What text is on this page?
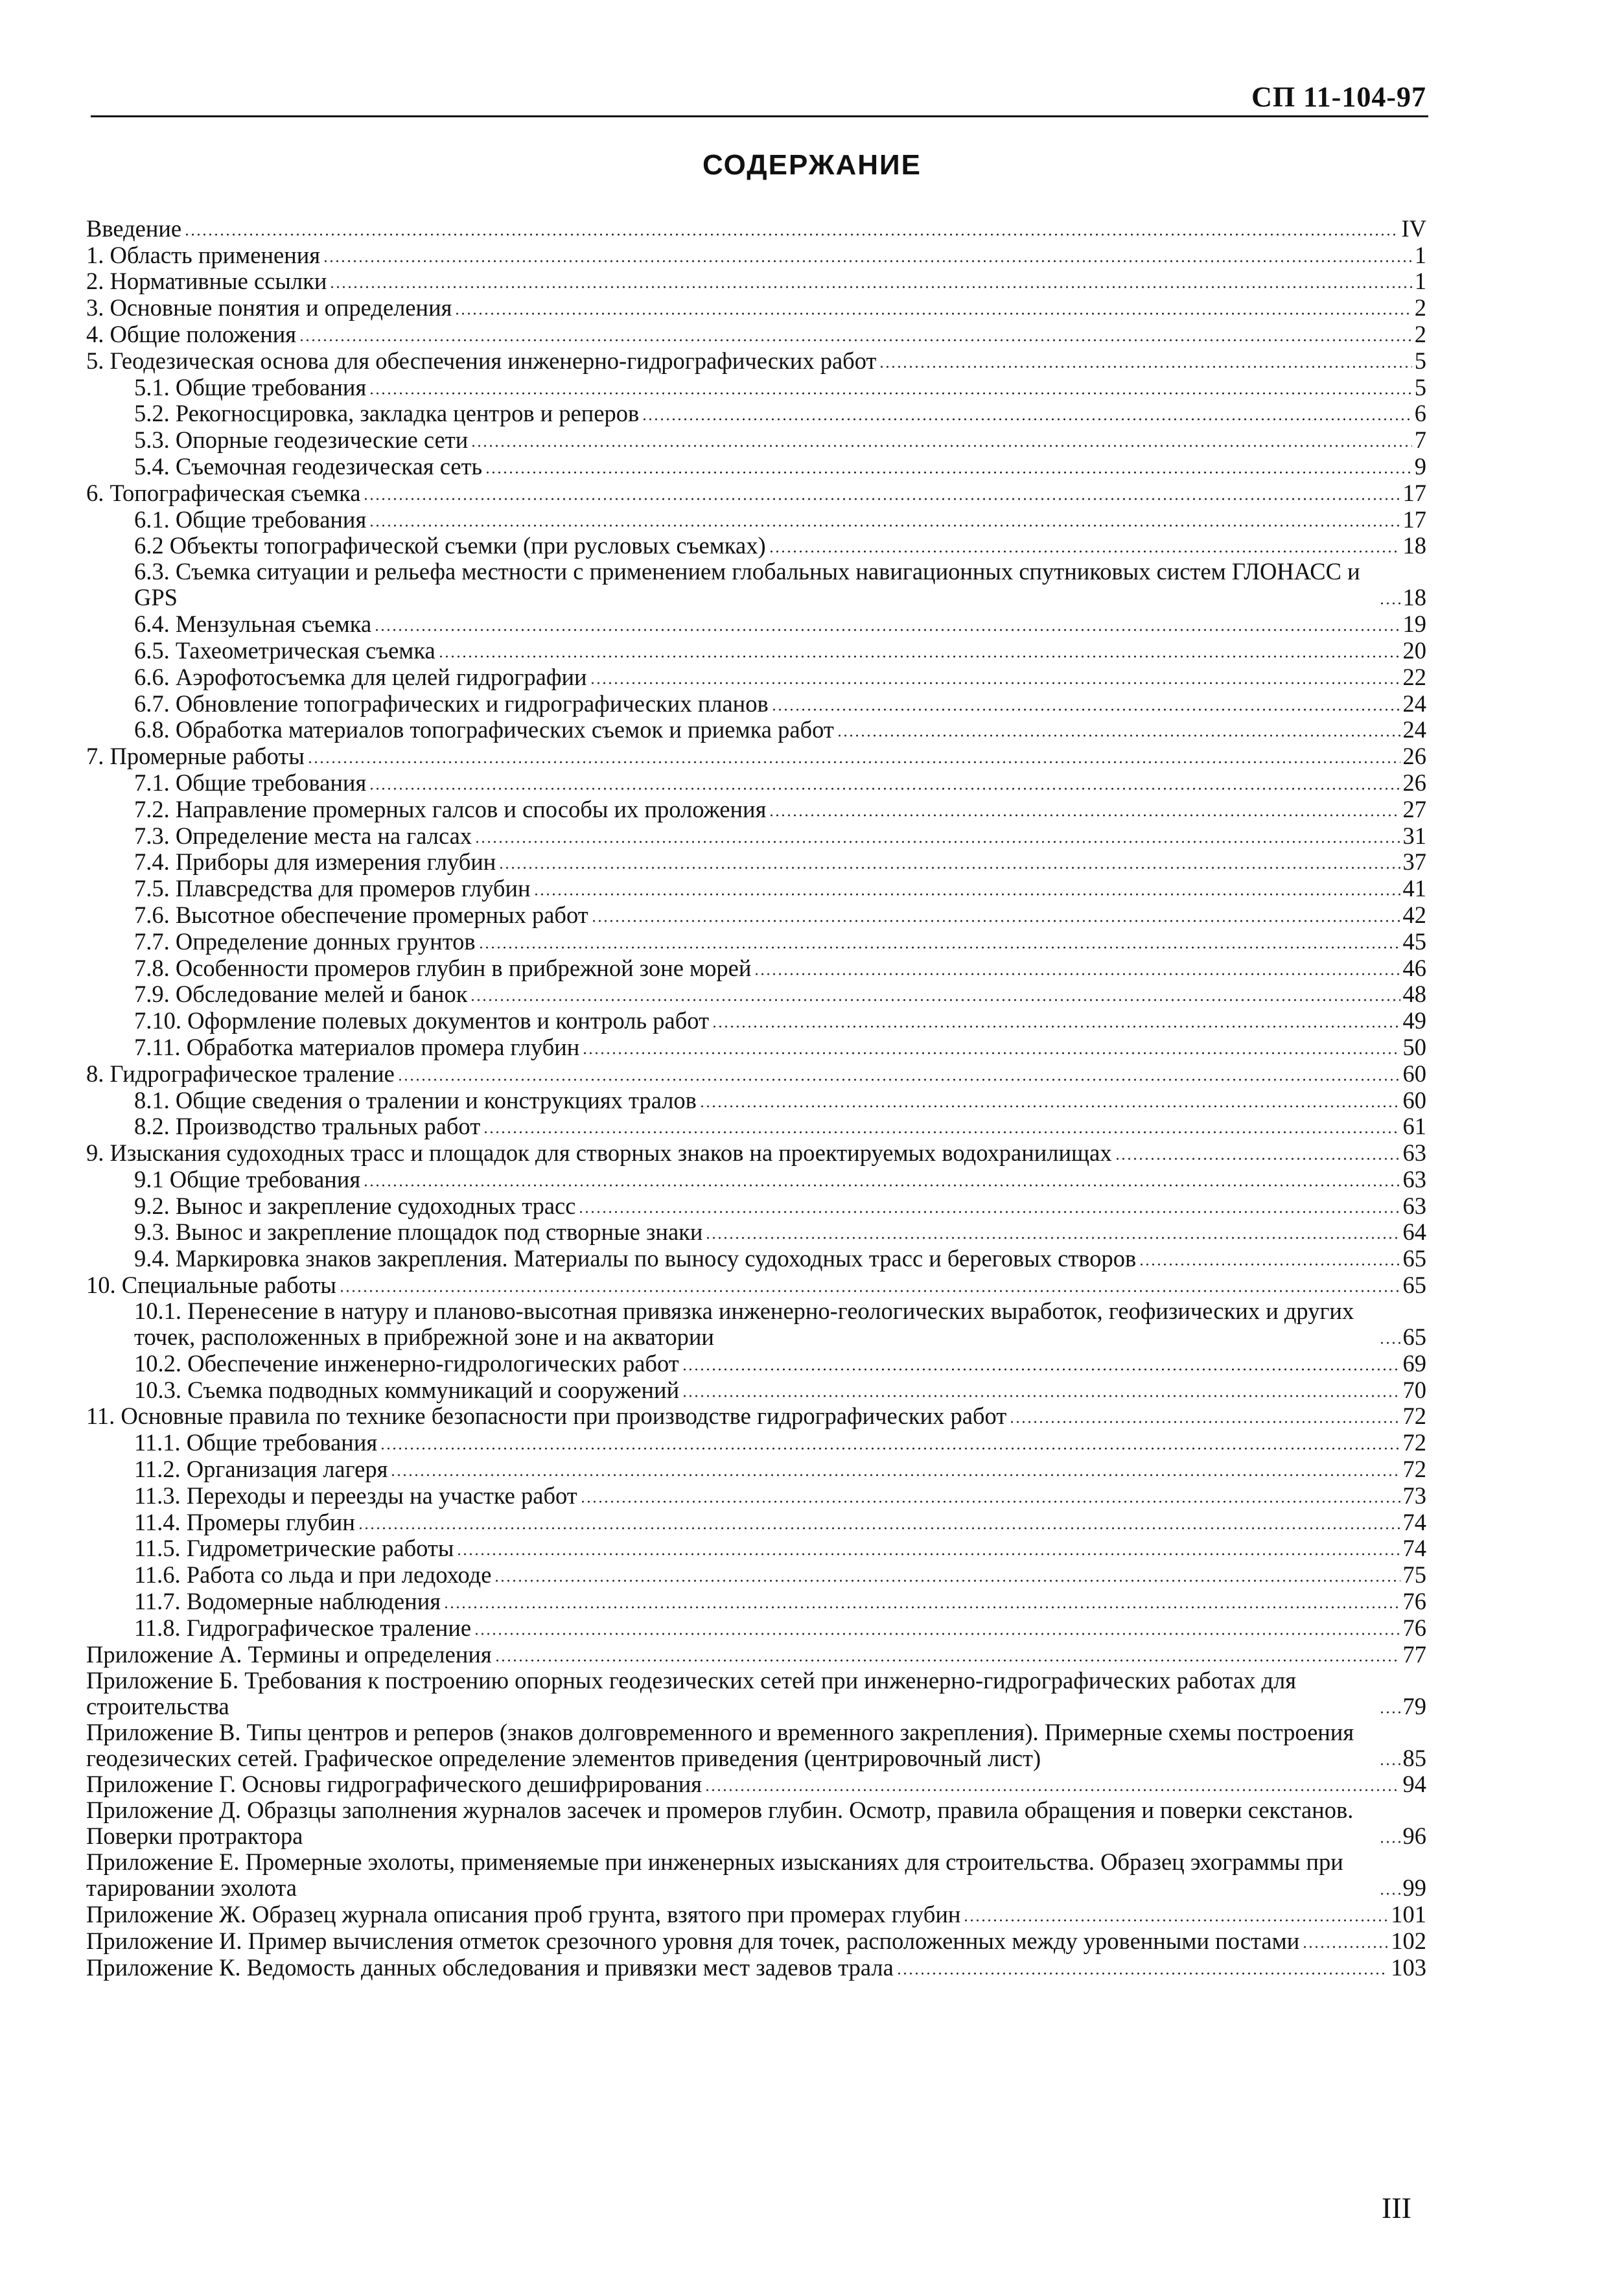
СП 11-104-97
СОДЕРЖАНИЕ
Введение	IV
1. Область применения	1
2. Нормативные ссылки	1
3. Основные понятия и определения	2
4. Общие положения	2
5. Геодезическая основа для обеспечения инженерно-гидрографических работ	5
5.1. Общие требования	5
5.2. Рекогносцировка, закладка центров и реперов	6
5.3. Опорные геодезические сети	7
5.4. Съемочная геодезическая сеть	9
6. Топографическая съемка	17
6.1. Общие требования	17
6.2 Объекты топографической съемки (при русловых съемках)	18
6.3. Съемка ситуации и рельефа местности с применением глобальных навигационных спутниковых систем ГЛОНАСС и GPS	18
6.4. Мензульная съемка	19
6.5. Тахеометрическая съемка	20
6.6. Аэрофотосъемка для целей гидрографии	22
6.7. Обновление топографических и гидрографических планов	24
6.8. Обработка материалов топографических съемок и приемка работ	24
7. Промерные работы	26
7.1. Общие требования	26
7.2. Направление промерных галсов и способы их проложения	27
7.3. Определение места на галсах	31
7.4. Приборы для измерения глубин	37
7.5. Плавсредства для промеров глубин	41
7.6. Высотное обеспечение промерных работ	42
7.7. Определение донных грунтов	45
7.8. Особенности промеров глубин в прибрежной зоне морей	46
7.9. Обследование мелей и банок	48
7.10. Оформление полевых документов и контроль работ	49
7.11. Обработка материалов промера глубин	50
8. Гидрографическое траление	60
8.1. Общие сведения о тралении и конструкциях тралов	60
8.2. Производство тральных работ	61
9. Изыскания судоходных трасс и площадок для створных знаков на проектируемых водохранилищах	63
9.1 Общие требования	63
9.2. Вынос и закрепление судоходных трасс	63
9.3. Вынос и закрепление площадок под створные знаки	64
9.4. Маркировка знаков закрепления. Материалы по выносу судоходных трасс и береговых створов	65
10. Специальные работы	65
10.1. Перенесение в натуру и планово-высотная привязка инженерно-геологических выработок, геофизических и других точек, расположенных в прибрежной зоне и на акватории	65
10.2. Обеспечение инженерно-гидрологических работ	69
10.3. Съемка подводных коммуникаций и сооружений	70
11. Основные правила по технике безопасности при производстве гидрографических работ	72
11.1. Общие требования	72
11.2. Организация лагеря	72
11.3. Переходы и переезды на участке работ	73
11.4. Промеры глубин	74
11.5. Гидрометрические работы	74
11.6. Работа со льда и при ледоходе	75
11.7. Водомерные наблюдения	76
11.8. Гидрографическое траление	76
Приложение А. Термины и определения	77
Приложение Б. Требования к построению опорных геодезических сетей при инженерно-гидрографических работах для строительства	79
Приложение В. Типы центров и реперов (знаков долговременного и временного закрепления). Примерные схемы построения геодезических сетей. Графическое определение элементов приведения (центрировочный лист)	85
Приложение Г. Основы гидрографического дешифрирования	94
Приложение Д. Образцы заполнения журналов засечек и промеров глубин. Осмотр, правила обращения и поверки секстанов. Поверки протрактора	96
Приложение Е. Промерные эхолоты, применяемые при инженерных изысканиях для строительства. Образец эхограммы при тарировании эхолота	99
Приложение Ж. Образец журнала описания проб грунта, взятого при промерах глубин	101
Приложение И. Пример вычисления отметок срезочного уровня для точек, расположенных между уровенными постами	102
Приложение К. Ведомость данных обследования и привязки мест задевов трала	103
III
